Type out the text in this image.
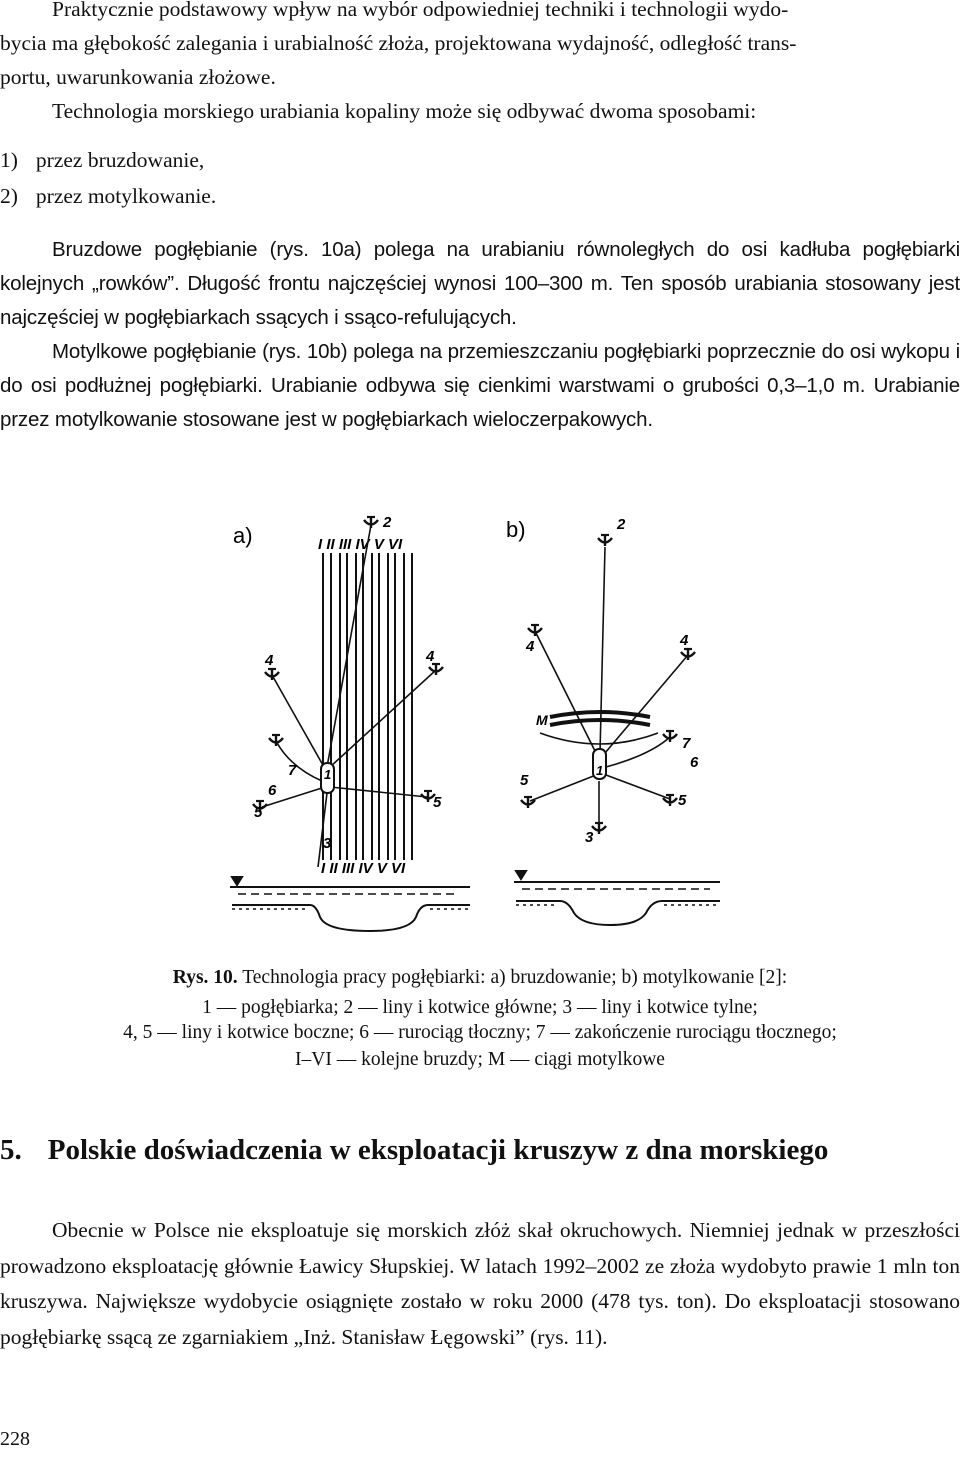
Praktycznie podstawowy wpływ na wybór odpowiedniej techniki i technologii wydo-
bycia ma głębokość zalegania i urabialność złoża, projektowana wydajność, odległość trans-
portu, uwarunkowania złożowe.
Technologia morskiego urabiania kopaliny może się odbywać dwoma sposobami:
1) przez bruzdowanie,
2) przez motylkowanie.
Bruzdowe pogłębianie (rys. 10a) polega na urabianiu równoległych do osi kadłuba pogłębiarki kolejnych „rowków”. Długość frontu najczęściej wynosi 100–300 m. Ten sposób urabiania stosowany jest najczęściej w pogłębiarkach ssących i ssąco-refulujących.
Motylkowe pogłębianie (rys. 10b) polega na przemieszczaniu pogłębiarki poprzecznie do osi wykopu i do osi podłużnej pogłębiarki. Urabianie odbywa się cienkimi warstwami o grubości 0,3–1,0 m. Urabianie przez motylkowanie stosowane jest w pogłębiarkach wieloczerpakowych.
a)	I II III IV V VI
2
4	4
7
6
1
5
5
3
I II III IV V VI
b)	2
M
4	4
7
6
1
5
5
3
Rys. 10. Technologia pracy pogłębiarki: a) bruzdowanie; b) motylkowanie [2]:
1 — pogłębiarka; 2 — liny i kotwice główne; 3 — liny i kotwice tylne;
4, 5 — liny i kotwice boczne; 6 — rurociąg tłoczny; 7 — zakończenie rurociągu tłocznego;
I–VI — kolejne bruzdy; M — ciągi motylkowe
5. Polskie doświadczenia w eksploatacji kruszyw z dna morskiego
Obecnie w Polsce nie eksploatuje się morskich złóż skał okruchowych. Niemniej jednak w przeszłości prowadzono eksploatację głównie Ławicy Słupskiej. W latach 1992–2002 ze złoża wydobyto prawie 1 mln ton kruszywa. Największe wydobycie osiągnięte zostało w roku 2000 (478 tys. ton). Do eksploatacji stosowano pogłębiarkę ssącą ze zgarniakiem „Inż. Stanisław Łęgowski” (rys. 11).
228
